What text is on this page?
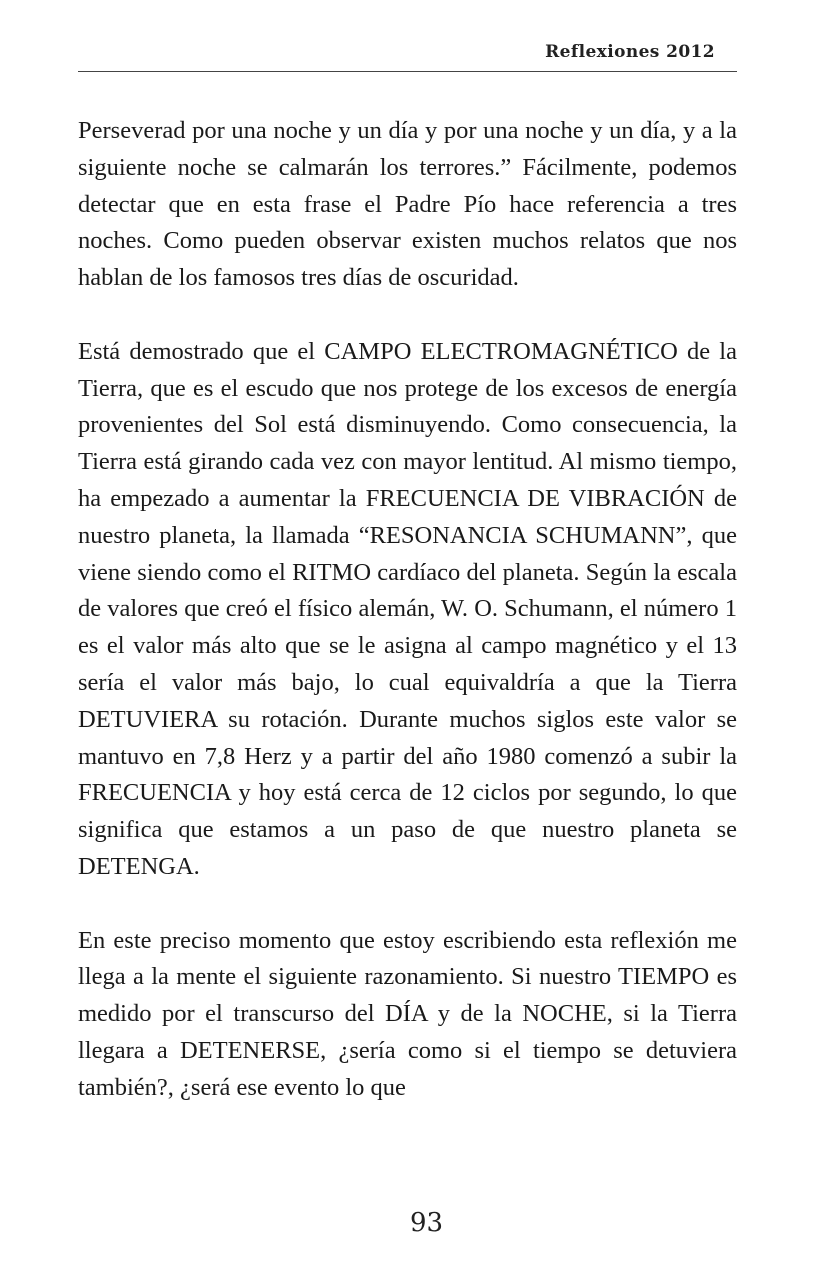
Reflexiones 2012

Perseverad por una noche y un día y por una noche y un día, y a la siguiente noche se calmarán los terrores.” Fácilmente, podemos detectar que en esta frase el Padre Pío hace referencia a tres noches. Como pueden observar existen muchos relatos que nos hablan de los famosos tres días de oscuridad.

Está demostrado que el CAMPO ELECTROMAGNÉTICO de la Tierra, que es el escudo que nos protege de los excesos de energía provenientes del Sol está disminuyendo. Como consecuencia, la Tierra está girando cada vez con mayor lentitud. Al mismo tiempo, ha empezado a aumentar la FRECUENCIA DE VIBRACIÓN de nuestro planeta, la llamada “RESONANCIA SCHUMANN”, que viene siendo como el RITMO cardíaco del planeta. Según la escala de valores que creó el físico alemán, W. O. Schumann, el número 1 es el valor más alto que se le asigna al campo magnético y el 13 sería el valor más bajo, lo cual equivaldría a que la Tierra DETUVIERA su rotación. Durante muchos siglos este valor se mantuvo en 7,8 Herz y a partir del año 1980 comenzó a subir la FRECUENCIA y hoy está cerca de 12 ciclos por segundo, lo que significa que estamos a un paso de que nuestro planeta se DETENGA.

En este preciso momento que estoy escribiendo esta reflexión me llega a la mente el siguiente razonamiento. Si nuestro TIEMPO es medido por el transcurso del DÍA y de la NOCHE, si la Tierra llegara a DETENERSE, ¿sería como si el tiempo se detuviera también?, ¿será ese evento lo que

93
